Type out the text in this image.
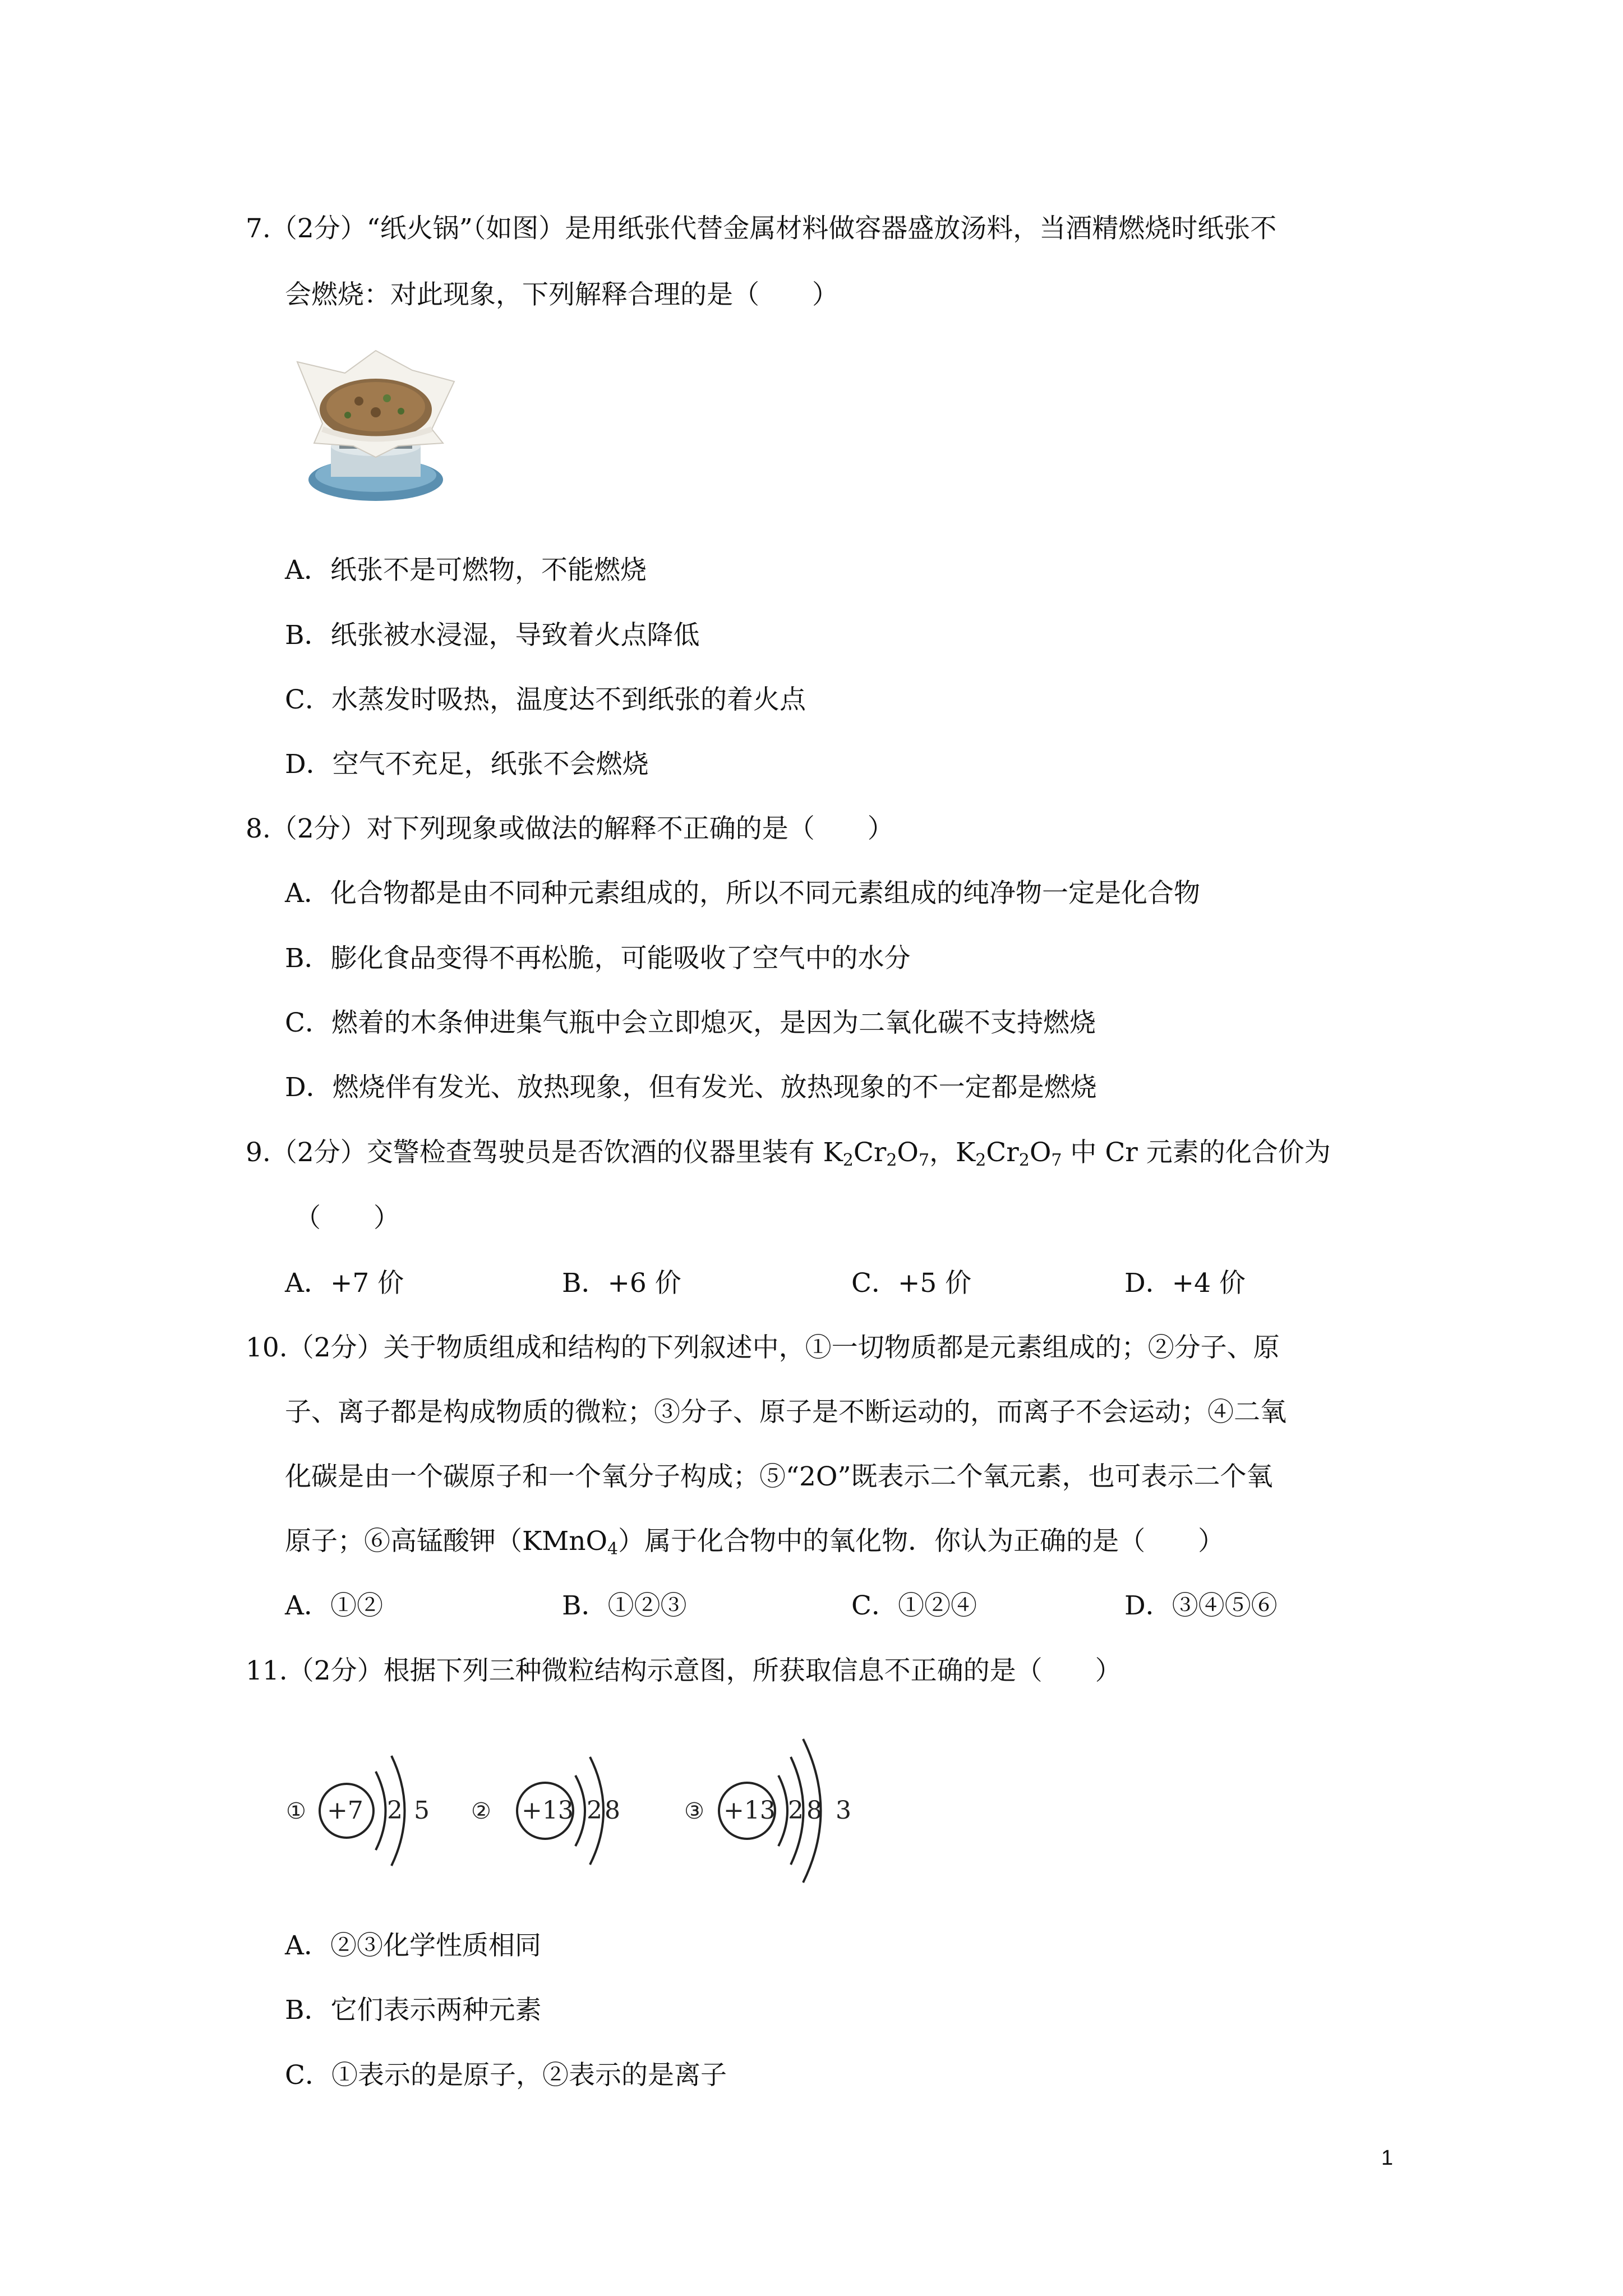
7.（2分）“纸火锅”（如图）是用纸张代替金属材料做容器盛放汤料，当酒精燃烧时纸张不
会燃烧：对此现象，下列解释合理的是（　　）
A．纸张不是可燃物，不能燃烧
B．纸张被水浸湿，导致着火点降低
C．水蒸发时吸热，温度达不到纸张的着火点
D．空气不充足，纸张不会燃烧
8.（2分）对下列现象或做法的解释不正确的是（　　）
A．化合物都是由不同种元素组成的，所以不同元素组成的纯净物一定是化合物
B．膨化食品变得不再松脆，可能吸收了空气中的水分
C．燃着的木条伸进集气瓶中会立即熄灭，是因为二氧化碳不支持燃烧
D．燃烧伴有发光、放热现象，但有发光、放热现象的不一定都是燃烧
9.（2分）交警检查驾驶员是否饮酒的仪器里装有 $K_2Cr_2O_7$，$K_2Cr_2O_7$ 中 Cr 元素的化合价为
（　　）
A．+7 价	B．+6 价	C．+5 价	D．+4 价
10.（2分）关于物质组成和结构的下列叙述中，①一切物质都是元素组成的；②分子、原
子、离子都是构成物质的微粒；③分子、原子是不断运动的，而离子不会运动；④二氧
化碳是由一个碳原子和一个氧分子构成；⑤“2O”既表示二个氧元素，也可表示二个氧
原子；⑥高锰酸钾（KMnO$_4$）属于化合物中的氧化物．你认为正确的是（　　）
A．①②	B．①②③	C．①②④	D．③④⑤⑥
11.（2分）根据下列三种微粒结构示意图，所获取信息不正确的是（　　）
① +7 2 5 ② +13 2 8	③ +13 2 8 3
A．②③化学性质相同
B．它们表示两种元素
C．①表示的是原子，②表示的是离子
1
